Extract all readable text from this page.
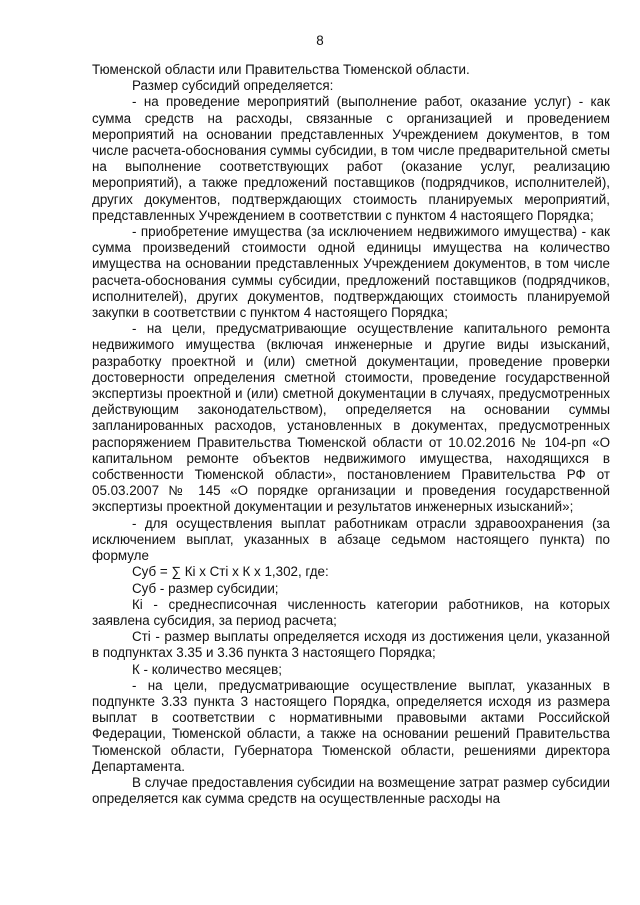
8

Тюменской области или Правительства Тюменской области.

Размер субсидий определяется:

- на проведение мероприятий (выполнение работ, оказание услуг) - как сумма средств на расходы, связанные с организацией и проведением мероприятий на основании представленных Учреждением документов, в том числе расчета-обоснования суммы субсидии, в том числе предварительной сметы на выполнение соответствующих работ (оказание услуг, реализацию мероприятий), а также предложений поставщиков (подрядчиков, исполнителей), других документов, подтверждающих стоимость планируемых мероприятий, представленных Учреждением в соответствии с пунктом 4 настоящего Порядка;

- приобретение имущества (за исключением недвижимого имущества) - как сумма произведений стоимости одной единицы имущества на количество имущества на основании представленных Учреждением документов, в том числе расчета-обоснования суммы субсидии, предложений поставщиков (подрядчиков, исполнителей), других документов, подтверждающих стоимость планируемой закупки в соответствии с пунктом 4 настоящего Порядка;

- на цели, предусматривающие осуществление капитального ремонта недвижимого имущества (включая инженерные и другие виды изысканий, разработку проектной и (или) сметной документации, проведение проверки достоверности определения сметной стоимости, проведение государственной экспертизы проектной и (или) сметной документации в случаях, предусмотренных действующим законодательством), определяется на основании суммы запланированных расходов, установленных в документах, предусмотренных распоряжением Правительства Тюменской области от 10.02.2016 № 104-рп «О капитальном ремонте объектов недвижимого имущества, находящихся в собственности Тюменской области», постановлением Правительства РФ от 05.03.2007 № 145 «О порядке организации и проведения государственной экспертизы проектной документации и результатов инженерных изысканий»;

- для осуществления выплат работникам отрасли здравоохранения (за исключением выплат, указанных в абзаце седьмом настоящего пункта) по формуле

Суб = ∑ Кi х Сті х К х 1,302, где:

Суб - размер субсидии;

Кi - среднесписочная численность категории работников, на которых заявлена субсидия, за период расчета;

Сті - размер выплаты определяется исходя из достижения цели, указанной в подпунктах 3.35 и 3.36 пункта 3 настоящего Порядка;

К - количество месяцев;

- на цели, предусматривающие осуществление выплат, указанных в подпункте 3.33 пункта 3 настоящего Порядка, определяется исходя из размера выплат в соответствии с нормативными правовыми актами Российской Федерации, Тюменской области, а также на основании решений Правительства Тюменской области, Губернатора Тюменской области, решениями директора Департамента.

В случае предоставления субсидии на возмещение затрат размер субсидии определяется как сумма средств на осуществленные расходы на
